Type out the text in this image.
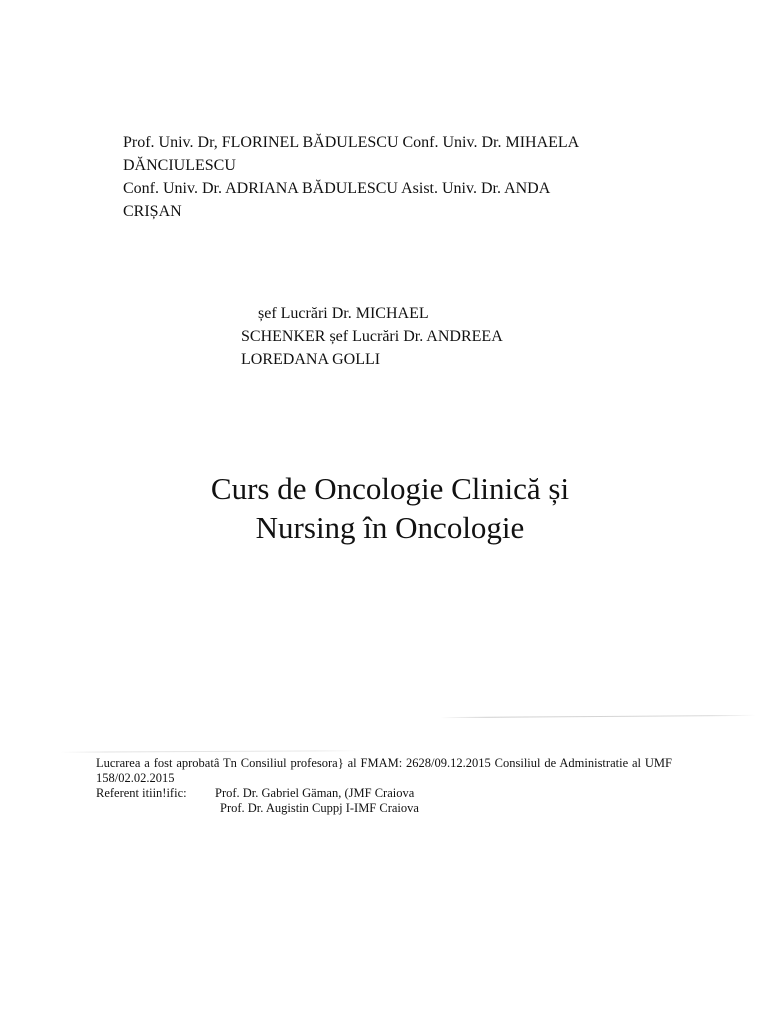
Prof. Univ. Dr, FLORINEL BĂDULESCU Conf. Univ. Dr. MIHAELA
DĂNCIULESCU
Conf. Univ. Dr. ADRIANA BĂDULESCU Asist. Univ. Dr. ANDA
CRIȘAN
șef Lucrări Dr. MICHAEL
SCHENKER șef Lucrări Dr. ANDREEA
LOREDANA GOLLI
Curs de Oncologie Clinică și
Nursing în Oncologie
Lucrarea a fost aprobatâ Tn Consiliul profesora} al FMAM: 2628/09.12.2015 Consiliul de Administratie al UMF 158/02.02.2015
Referent itiin!ific: Prof. Dr. Gabriel Gäman, (JMF Craiova
Prof. Dr. Augistin Cuppj I-IMF Craiova
